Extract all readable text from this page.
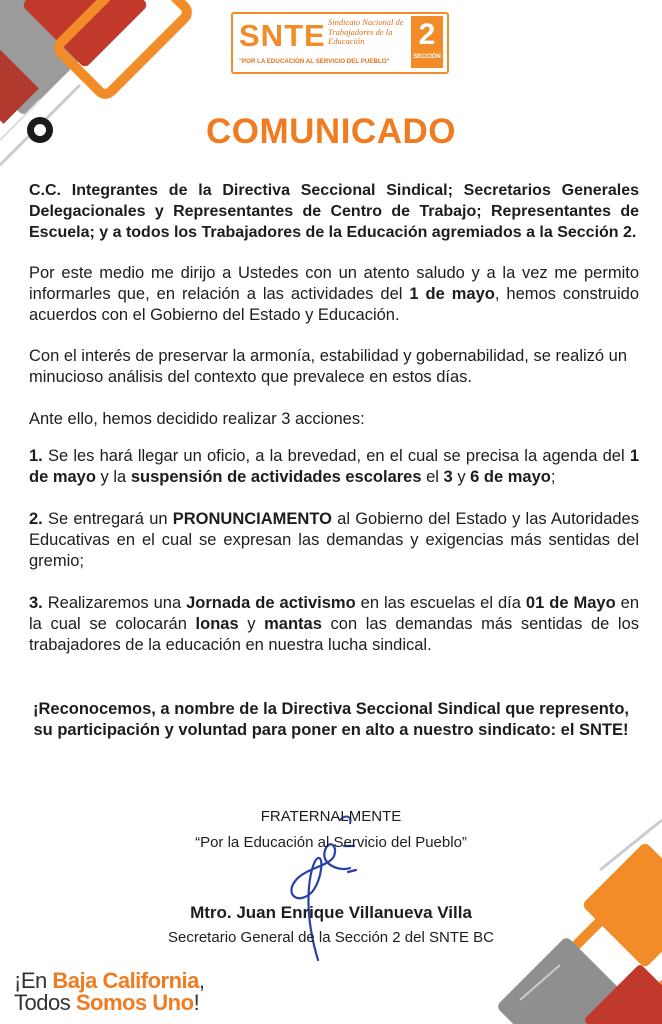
SNTE Sindicato Nacional de Trabajadores de la Educación	2
SECCIÓN
"POR LA EDUCACIÓN AL SERVICIO DEL PUEBLO"
COMUNICADO
C.C. Integrantes de la Directiva Seccional Sindical; Secretarios Generales Delegacionales y Representantes de Centro de Trabajo; Representantes de Escuela; y a todos los Trabajadores de la Educación agremiados a la Sección 2.
Por este medio me dirijo a Ustedes con un atento saludo y a la vez me permito informarles que, en relación a las actividades del 1 de mayo, hemos construido acuerdos con el Gobierno del Estado y Educación.
Con el interés de preservar la armonía, estabilidad y gobernabilidad, se realizó un minucioso análisis del contexto que prevalece en estos días.
Ante ello, hemos decidido realizar 3 acciones:
1. Se les hará llegar un oficio, a la brevedad, en el cual se precisa la agenda del 1 de mayo y la suspensión de actividades escolares el 3 y 6 de mayo;
2. Se entregará un PRONUNCIAMENTO al Gobierno del Estado y las Autoridades Educativas en el cual se expresan las demandas y exigencias más sentidas del gremio;
3. Realizaremos una Jornada de activismo en las escuelas el día 01 de Mayo en la cual se colocarán lonas y mantas con las demandas más sentidas de los trabajadores de la educación en nuestra lucha sindical.
¡Reconocemos, a nombre de la Directiva Seccional Sindical que represento, su participación y voluntad para poner en alto a nuestro sindicato: el SNTE!
FRATERNALMENTE
“Por la Educación al Servicio del Pueblo”
Mtro. Juan Enrique Villanueva Villa
Secretario General de la Sección 2 del SNTE BC
¡En Baja California,
Todos Somos Uno!
